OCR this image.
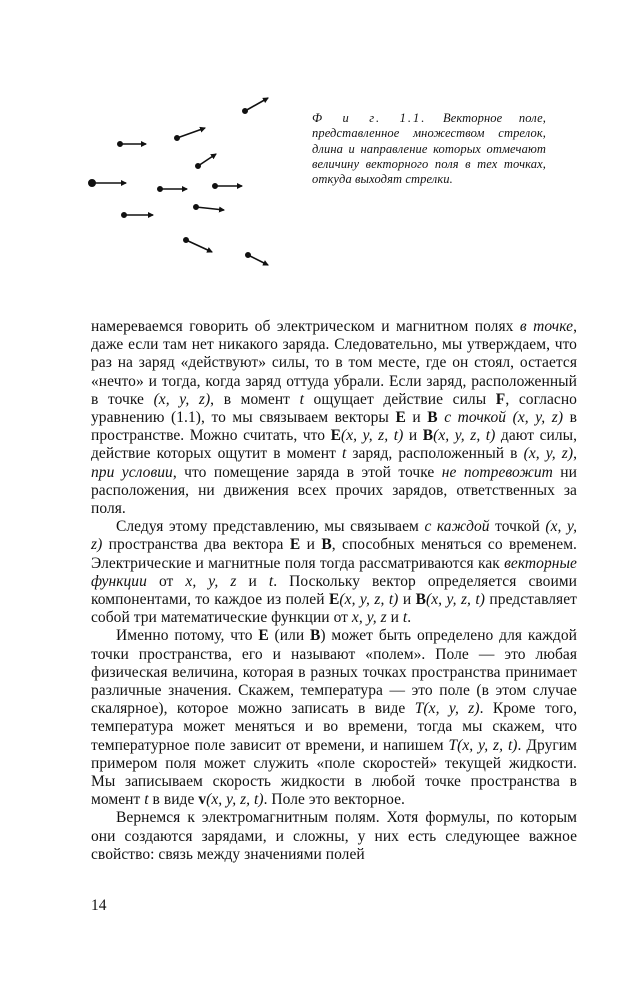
Ф и г. 1.1. Векторное поле, представленное множеством стрелок, длина и направление которых отмечают величину векторного поля в тех точках, откуда выходят стрелки.

намереваемся говорить об электрическом и магнитном полях в точке, даже если там нет никакого заряда. Следовательно, мы утверждаем, что раз на заряд «действуют» силы, то в том месте, где он стоял, остается «нечто» и тогда, когда заряд оттуда убрали. Если заряд, расположенный в точке (x, y, z), в момент t ощущает действие силы F, согласно уравнению (1.1), то мы связываем векторы E и B с точкой (x, y, z) в пространстве. Можно считать, что E(x, y, z, t) и B(x, y, z, t) дают силы, действие которых ощутит в момент t заряд, расположенный в (x, y, z), при условии, что помещение заряда в этой точке не потревожит ни расположения, ни движения всех прочих зарядов, ответственных за поля.

Следуя этому представлению, мы связываем с каждой точкой (x, y, z) пространства два вектора E и B, способных меняться со временем. Электрические и магнитные поля тогда рассматриваются как векторные функции от x, y, z и t. Поскольку вектор определяется своими компонентами, то каждое из полей E(x, y, z, t) и B(x, y, z, t) представляет собой три математические функции от x, y, z и t.

Именно потому, что E (или B) может быть определено для каждой точки пространства, его и называют «полем». Поле — это любая физическая величина, которая в разных точках пространства принимает различные значения. Скажем, температура — это поле (в этом случае скалярное), которое можно записать в виде T(x, y, z). Кроме того, температура может меняться и во времени, тогда мы скажем, что температурное поле зависит от времени, и напишем T(x, y, z, t). Другим примером поля может служить «поле скоростей» текущей жидкости. Мы записываем скорость жидкости в любой точке пространства в момент t в виде v(x, y, z, t). Поле это векторное.

Вернемся к электромагнитным полям. Хотя формулы, по которым они создаются зарядами, и сложны, у них есть следующее важное свойство: связь между значениями полей

14
